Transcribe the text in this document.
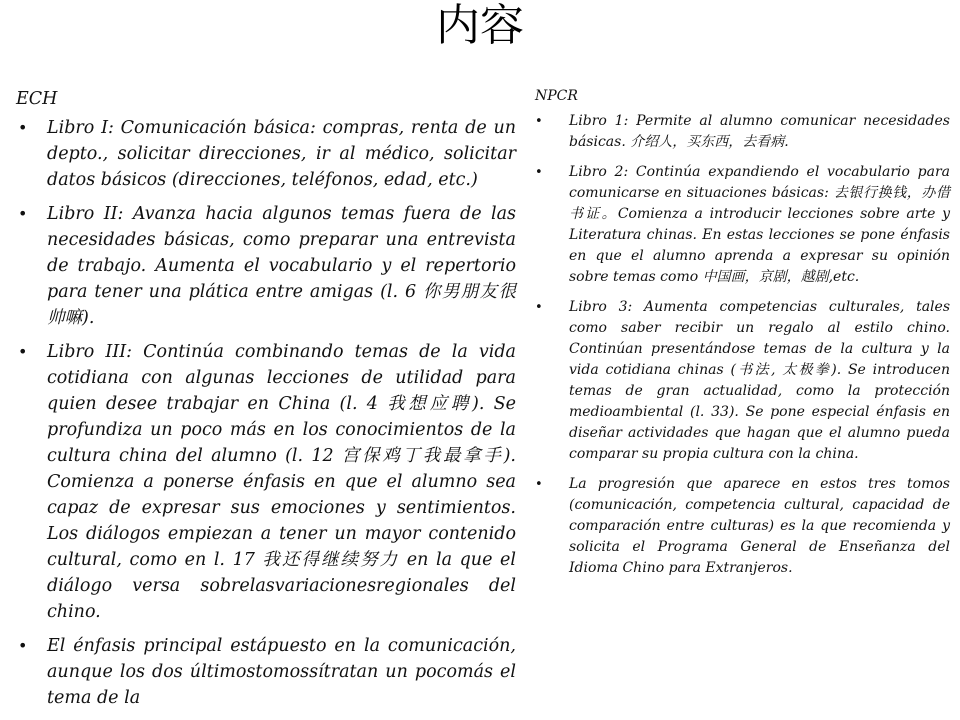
内容
ECH
• Libro I: Comunicación básica: compras, renta de un depto., solicitar direcciones, ir al médico, solicitar datos básicos (direcciones, teléfonos, edad, etc.)
• Libro II: Avanza hacia algunos temas fuera de las necesidades básicas, como preparar una entrevista de trabajo. Aumenta el vocabulario y el repertorio para tener una plática entre amigas (l. 6 你男朋友很帅嘛).
• Libro III: Continúa combinando temas de la vida cotidiana con algunas lecciones de utilidad para quien desee trabajar en China (l. 4 我想应聘). Se profundiza un poco más en los conocimientos de la cultura china del alumno (l. 12 宫保鸡丁我最拿手). Comienza a ponerse énfasis en que el alumno sea capaz de expresar sus emociones y sentimientos. Los diálogos empiezan a tener un mayor contenido cultural, como en l. 17 我还得继续努力 en la que el diálogo versa sobrelasvariacionesregionales del chino.
• El énfasis principal estápuesto en la comunicación, aunque los dos últimostomossítratan un pocomás el tema de la
NPCR
• Libro 1: Permite al alumno comunicar necesidades básicas. 介绍人，买东西，去看病.
• Libro 2: Continúa expandiendo el vocabulario para comunicarse en situaciones básicas: 去银行换钱，办借书证。Comienza a introducir lecciones sobre arte y Literatura chinas. En estas lecciones se pone énfasis en que el alumno aprenda a expresar su opinión sobre temas como 中国画，京剧，越剧,etc.
• Libro 3: Aumenta competencias culturales, tales como saber recibir un regalo al estilo chino. Continúan presentándose temas de la cultura y la vida cotidiana chinas (书法, 太极拳). Se introducen temas de gran actualidad, como la protección medioambiental (l. 33). Se pone especial énfasis en diseñar actividades que hagan que el alumno pueda comparar su propia cultura con la china.
• La progresión que aparece en estos tres tomos (comunicación, competencia cultural, capacidad de comparación entre culturas) es la que recomienda y solicita el Programa General de Enseñanza del Idioma Chino para Extranjeros.
